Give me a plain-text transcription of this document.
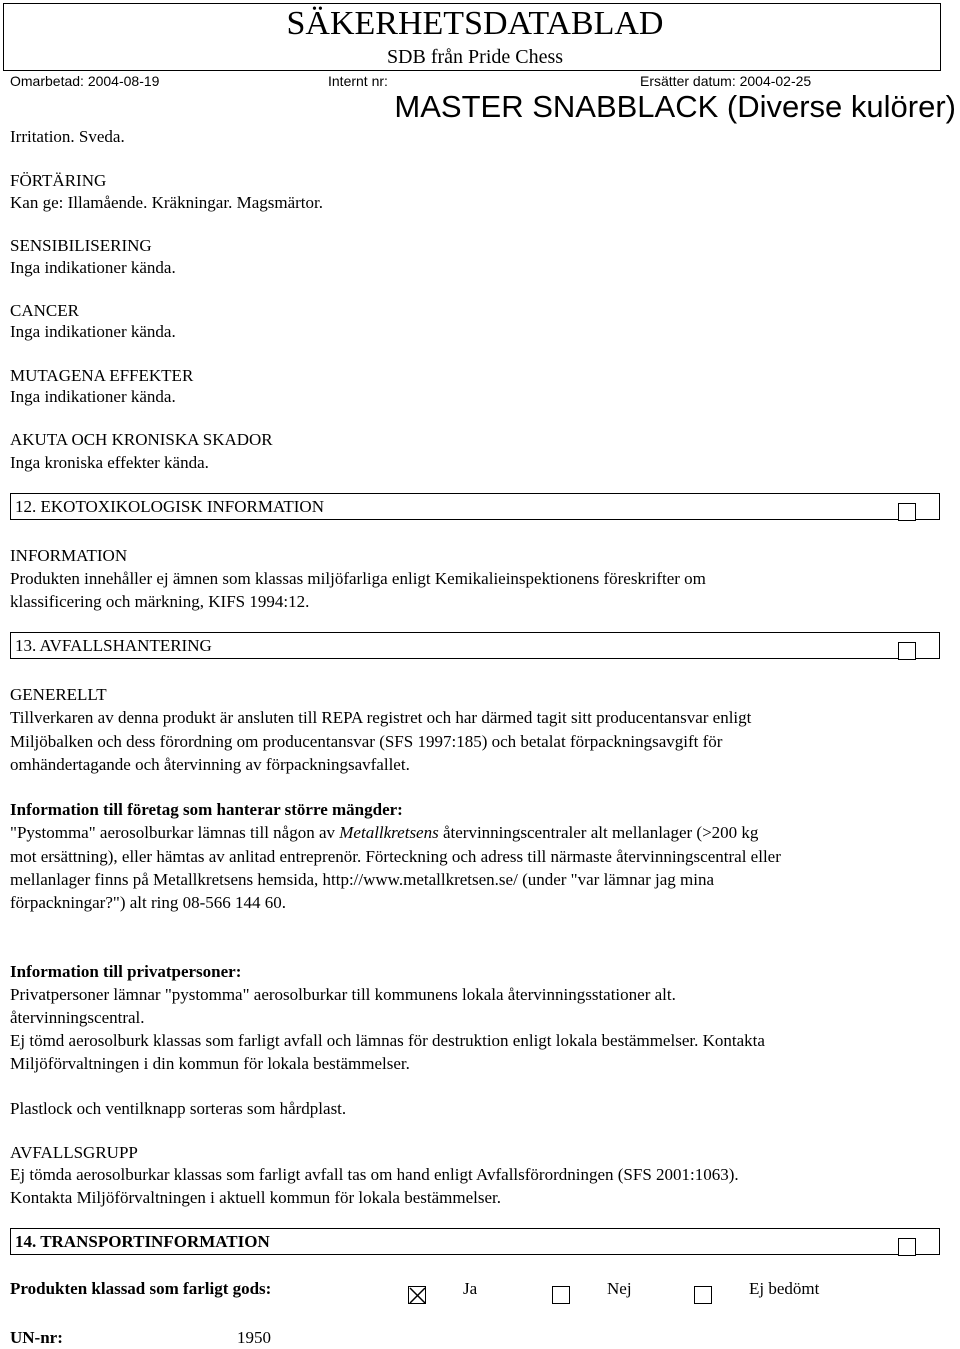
SÄKERHETSDATABLAD
SDB från Pride Chess
Omarbetad: 2004-08-19	Internt nr:	Ersätter datum: 2004-02-25
MASTER SNABBLACK (Diverse kulörer)
Irritation. Sveda.
FÖRTÄRING
Kan ge: Illamående. Kräkningar. Magsmärtor.
SENSIBILISERING
Inga indikationer kända.
CANCER
Inga indikationer kända.
MUTAGENA EFFEKTER
Inga indikationer kända.
AKUTA OCH KRONISKA SKADOR
Inga kroniska effekter kända.
12. EKOTOXIKOLOGISK INFORMATION
INFORMATION
Produkten innehåller ej ämnen som klassas miljöfarliga enligt Kemikalieinspektionens föreskrifter om
klassificering och märkning, KIFS 1994:12.
13. AVFALLSHANTERING
GENERELLT
Tillverkaren av denna produkt är ansluten till REPA registret och har därmed tagit sitt producentansvar enligt
Miljöbalken och dess förordning om producentansvar (SFS 1997:185) och betalat förpackningsavgift för
omhändertagande och återvinning av förpackningsavfallet.
Information till företag som hanterar större mängder:
"Pystomma" aerosolburkar lämnas till någon av Metallkretsens återvinningscentraler alt mellanlager (>200 kg
mot ersättning), eller hämtas av anlitad entreprenör. Förteckning och adress till närmaste återvinningscentral eller
mellanlager finns på Metallkretsens hemsida, http://www.metallkretsen.se/ (under "var lämnar jag mina
förpackningar?") alt ring 08-566 144 60.
Information till privatpersoner:
Privatpersoner lämnar "pystomma" aerosolburkar till kommunens lokala återvinningsstationer alt.
återvinningscentral.
Ej tömd aerosolburk klassas som farligt avfall och lämnas för destruktion enligt lokala bestämmelser. Kontakta
Miljöförvaltningen i din kommun för lokala bestämmelser.
Plastlock och ventilknapp sorteras som hårdplast.
AVFALLSGRUPP
Ej tömda aerosolburkar klassas som farligt avfall tas om hand enligt Avfallsförordningen (SFS 2001:1063).
Kontakta Miljöförvaltningen i aktuell kommun för lokala bestämmelser.
14. TRANSPORTINFORMATION
Produkten klassad som farligt gods:	Ja	Nej	Ej bedömt
UN-nr:	1950
